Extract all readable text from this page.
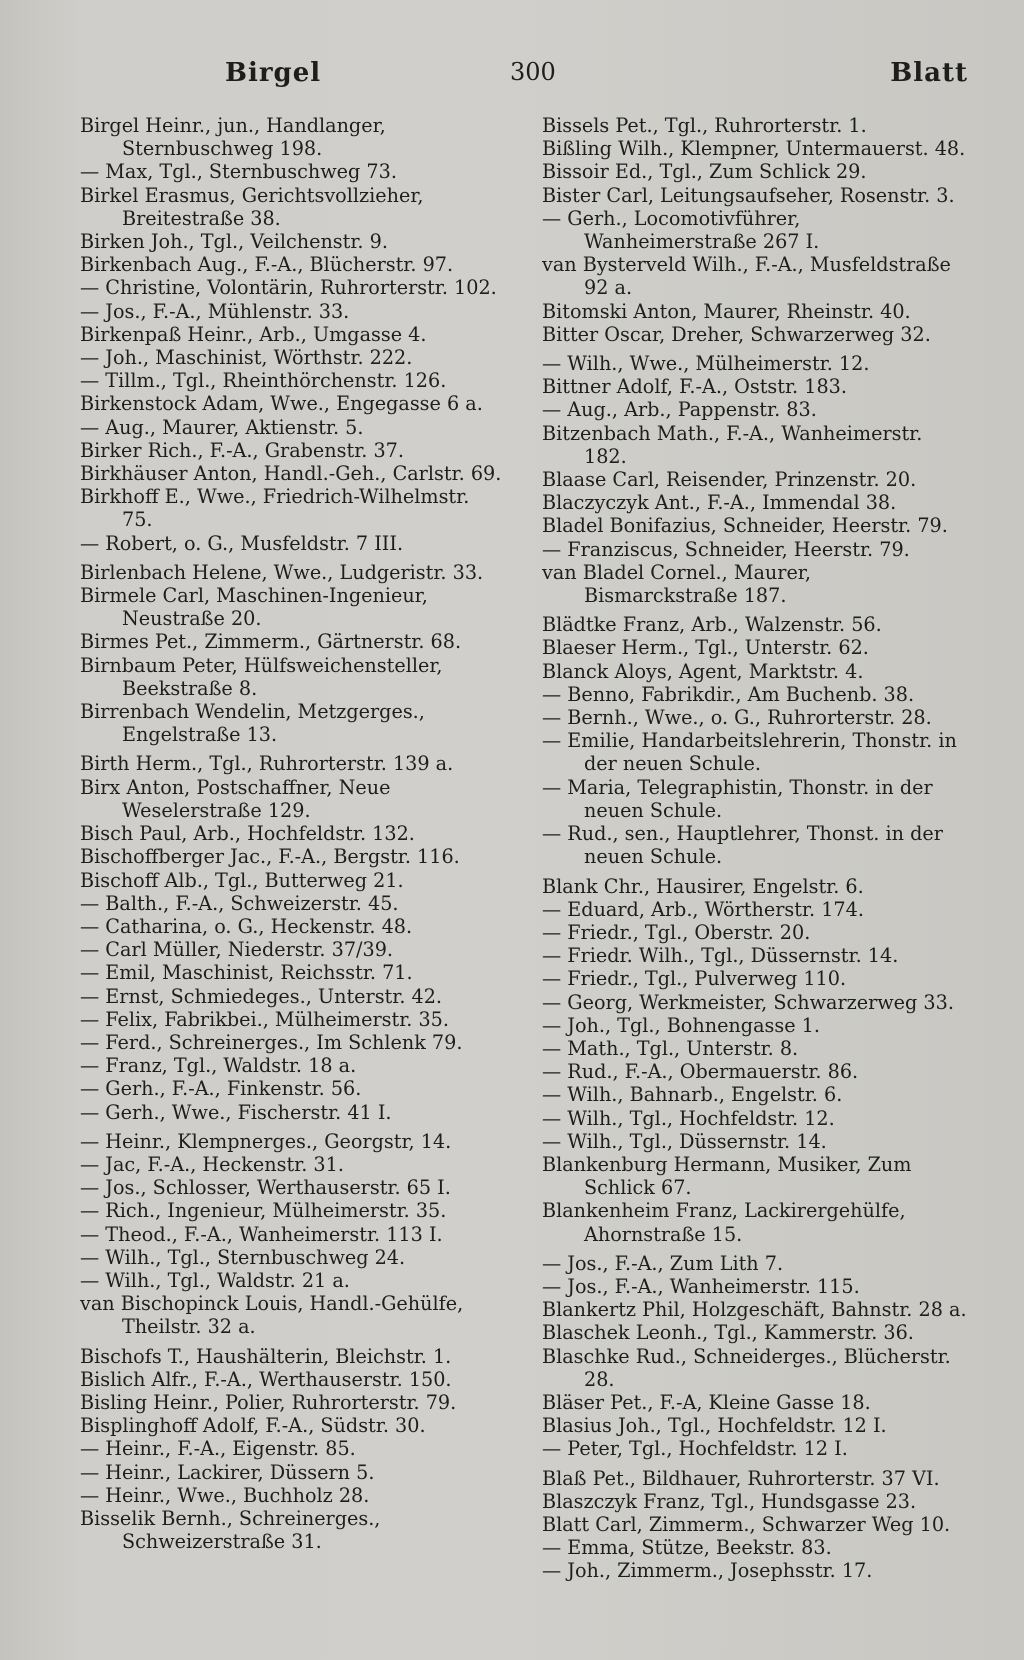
Birgel	300	Blatt

Birgel Heinr., jun., Handlanger, Sternbuschweg 198.

— Max, Tgl., Sternbuschweg 73.

Birkel Erasmus, Gerichtsvollzieher, Breitestraße 38.

Birken Joh., Tgl., Veilchenstr. 9.

Birkenbach Aug., F.-A., Blücherstr. 97.

— Christine, Volontärin, Ruhrorterstr. 102.

— Jos., F.-A., Mühlenstr. 33.

Birkenpaß Heinr., Arb., Umgasse 4.

— Joh., Maschinist, Wörthstr. 222.

— Tillm., Tgl., Rheinthörchenstr. 126.

Birkenstock Adam, Wwe., Engegasse 6 a.

— Aug., Maurer, Aktienstr. 5.

Birker Rich., F.-A., Grabenstr. 37.

Birkhäuser Anton, Handl.-Geh., Carlstr. 69.

Birkhoff E., Wwe., Friedrich-Wilhelmstr. 75.

— Robert, o. G., Musfeldstr. 7 III.

Birlenbach Helene, Wwe., Ludgeristr. 33.

Birmele Carl, Maschinen-Ingenieur, Neustraße 20.

Birmes Pet., Zimmerm., Gärtnerstr. 68.

Birnbaum Peter, Hülfsweichensteller, Beekstraße 8.

Birrenbach Wendelin, Metzgerges., Engelstraße 13.

Birth Herm., Tgl., Ruhrorterstr. 139 a.

Birx Anton, Postschaffner, Neue Weselerstraße 129.

Bisch Paul, Arb., Hochfeldstr. 132.

Bischoffberger Jac., F.-A., Bergstr. 116.

Bischoff Alb., Tgl., Butterweg 21.

— Balth., F.-A., Schweizerstr. 45.

— Catharina, o. G., Heckenstr. 48.

— Carl Müller, Niederstr. 37/39.

— Emil, Maschinist, Reichsstr. 71.

— Ernst, Schmiedeges., Unterstr. 42.

— Felix, Fabrikbei., Mülheimerstr. 35.

— Ferd., Schreinerges., Im Schlenk 79.

— Franz, Tgl., Waldstr. 18 a.

— Gerh., F.-A., Finkenstr. 56.

— Gerh., Wwe., Fischerstr. 41 I.

— Heinr., Klempnerges., Georgstr, 14.

— Jac, F.-A., Heckenstr. 31.

— Jos., Schlosser, Werthauserstr. 65 I.

— Rich., Ingenieur, Mülheimerstr. 35.

— Theod., F.-A., Wanheimerstr. 113 I.

— Wilh., Tgl., Sternbuschweg 24.

— Wilh., Tgl., Waldstr. 21 a.

van Bischopinck Louis, Handl.-Gehülfe, Theilstr. 32 a.

Bischofs T., Haushälterin, Bleichstr. 1.

Bislich Alfr., F.-A., Werthauserstr. 150.

Bisling Heinr., Polier, Ruhrorterstr. 79.

Bisplinghoff Adolf, F.-A., Südstr. 30.

— Heinr., F.-A., Eigenstr. 85.

— Heinr., Lackirer, Düssern 5.

— Heinr., Wwe., Buchholz 28.

Bisselik Bernh., Schreinerges., Schweizerstraße 31.

Bissels Pet., Tgl., Ruhrorterstr. 1.

Bißling Wilh., Klempner, Untermauerst. 48.

Bissoir Ed., Tgl., Zum Schlick 29.

Bister Carl, Leitungsaufseher, Rosenstr. 3.

— Gerh., Locomotivführer, Wanheimerstraße 267 I.

van Bysterveld Wilh., F.-A., Musfeldstraße 92 a.

Bitomski Anton, Maurer, Rheinstr. 40.

Bitter Oscar, Dreher, Schwarzerweg 32.

— Wilh., Wwe., Mülheimerstr. 12.

Bittner Adolf, F.-A., Oststr. 183.

— Aug., Arb., Pappenstr. 83.

Bitzenbach Math., F.-A., Wanheimerstr. 182.

Blaase Carl, Reisender, Prinzenstr. 20.

Blaczyczyk Ant., F.-A., Immendal 38.

Bladel Bonifazius, Schneider, Heerstr. 79.

— Franziscus, Schneider, Heerstr. 79.

van Bladel Cornel., Maurer, Bismarckstraße 187.

Blädtke Franz, Arb., Walzenstr. 56.

Blaeser Herm., Tgl., Unterstr. 62.

Blanck Aloys, Agent, Marktstr. 4.

— Benno, Fabrikdir., Am Buchenb. 38.

— Bernh., Wwe., o. G., Ruhrorterstr. 28.

— Emilie, Handarbeitslehrerin, Thonstr. in der neuen Schule.

— Maria, Telegraphistin, Thonstr. in der neuen Schule.

— Rud., sen., Hauptlehrer, Thonst. in der neuen Schule.

Blank Chr., Hausirer, Engelstr. 6.

— Eduard, Arb., Wörtherstr. 174.

— Friedr., Tgl., Oberstr. 20.

— Friedr. Wilh., Tgl., Düssernstr. 14.

— Friedr., Tgl., Pulverweg 110.

— Georg, Werkmeister, Schwarzerweg 33.

— Joh., Tgl., Bohnengasse 1.

— Math., Tgl., Unterstr. 8.

— Rud., F.-A., Obermauerstr. 86.

— Wilh., Bahnarb., Engelstr. 6.

— Wilh., Tgl., Hochfeldstr. 12.

— Wilh., Tgl., Düssernstr. 14.

Blankenburg Hermann, Musiker, Zum Schlick 67.

Blankenheim Franz, Lackirergehülfe, Ahornstraße 15.

— Jos., F.-A., Zum Lith 7.

— Jos., F.-A., Wanheimerstr. 115.

Blankertz Phil, Holzgeschäft, Bahnstr. 28 a.

Blaschek Leonh., Tgl., Kammerstr. 36.

Blaschke Rud., Schneiderges., Blücherstr. 28.

Bläser Pet., F.-A, Kleine Gasse 18.

Blasius Joh., Tgl., Hochfeldstr. 12 I.

— Peter, Tgl., Hochfeldstr. 12 I.

Blaß Pet., Bildhauer, Ruhrorterstr. 37 VI.

Blaszczyk Franz, Tgl., Hundsgasse 23.

Blatt Carl, Zimmerm., Schwarzer Weg 10.

— Emma, Stütze, Beekstr. 83.

— Joh., Zimmerm., Josephsstr. 17.
